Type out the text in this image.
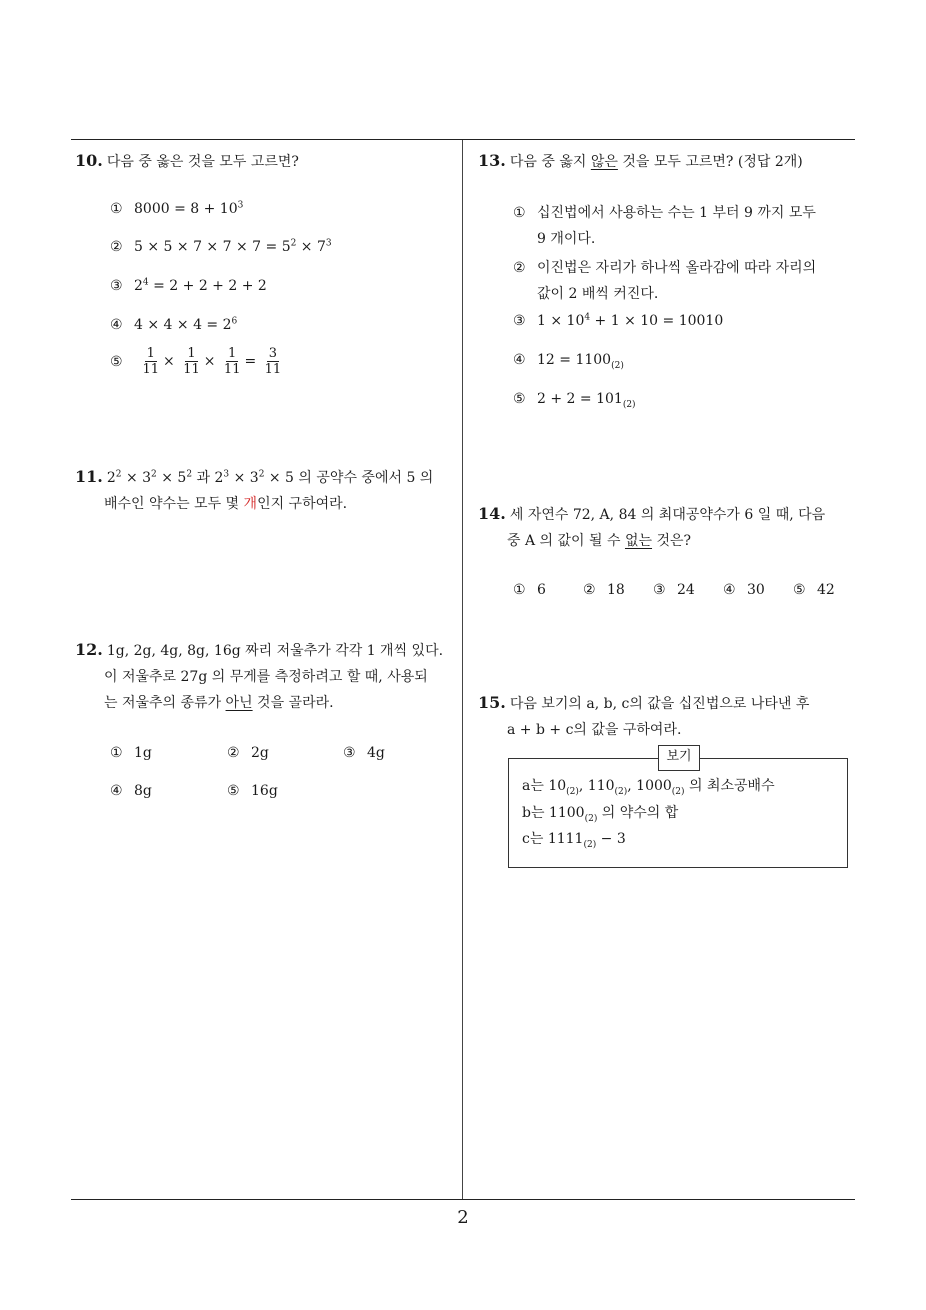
2
10. 다음 중 옳은 것을 모두 고르면?
① $8000 = 8 + 10^3$
② $5 \times 5 \times 7 \times 7 \times 7 = 5^2 \times 7^3$
③ $2^4 = 2 + 2 + 2 + 2$
④ $4 \times 4 \times 4 = 2^6$
⑤ $\frac{1}{11} \times \frac{1}{11} \times \frac{1}{11} = \frac{3}{11}$
11. $2^2 \times 3^2 \times 5^2$ 과 $2^3 \times 3^2 \times 5$ 의 공약수 중에서 5 의
배수인 약수는 모두 몇 개인지 구하여라.
12. 1g, 2g, 4g, 8g, 16g 짜리 저울추가 각각 1 개씩 있다.
이 저울추로 27g 의 무게를 측정하려고 할 때, 사용되
는 저울추의 종류가 아닌 것을 골라라.
① 1g	② 2g	③ 4g
④ 8g	⑤ 16g
13. 다음 중 옳지 않은 것을 모두 고르면? (정답 2개)
① 십진법에서 사용하는 수는 1 부터 9 까지 모두
9 개이다.
② 이진법은 자리가 하나씩 올라감에 따라 자리의
값이 2 배씩 커진다.
③ $1 \times 10^4 + 1 \times 10 = 10010$
④ $12 = 1100_{(2)}$
⑤ $2 + 2 = 101_{(2)}$
14. 세 자연수 72, A, 84 의 최대공약수가 6 일 때, 다음
중 A 의 값이 될 수 없는 것은?
① 6	② 18 ③ 24 ④ 30 ⑤ 42
15. 다음 보기의 a, b, c의 값을 십진법으로 나타낸 후
a + b + c의 값을 구하여라.
보기
a는 $10_{(2)}$, $110_{(2)}$, $1000_{(2)}$ 의 최소공배수
b는 $1100_{(2)}$ 의 약수의 합
c는 $1111_{(2)} - 3$
